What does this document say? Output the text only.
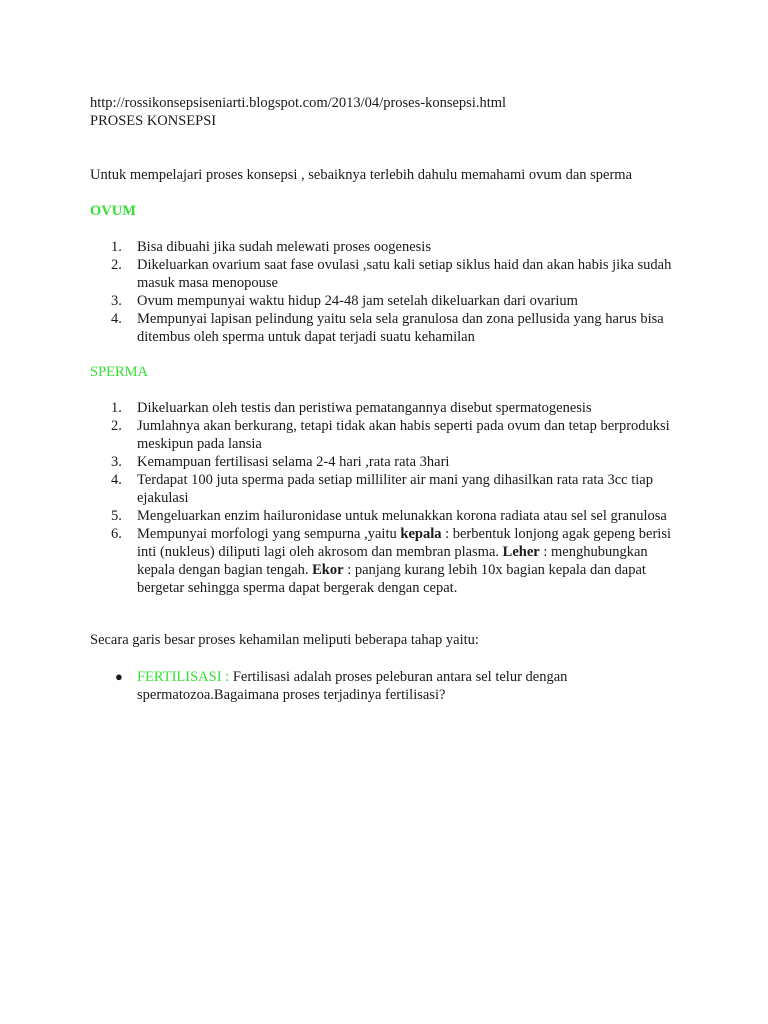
http://rossikonsepsiseniarti.blogspot.com/2013/04/proses-konsepsi.html

PROSES KONSEPSI

Untuk mempelajari proses konsepsi , sebaiknya terlebih dahulu memahami ovum dan sperma

OVUM

1. Bisa dibuahi jika sudah melewati proses oogenesis
2. Dikeluarkan ovarium saat fase ovulasi ,satu kali setiap siklus haid dan akan habis jika sudah masuk masa menopouse
3. Ovum mempunyai waktu hidup 24-48 jam setelah dikeluarkan dari ovarium
4. Mempunyai lapisan pelindung yaitu sela sela granulosa dan zona pellusida yang harus bisa ditembus oleh sperma untuk dapat terjadi suatu kehamilan

SPERMA

1. Dikeluarkan oleh testis dan peristiwa pematangannya disebut spermatogenesis
2. Jumlahnya akan berkurang, tetapi tidak akan habis seperti pada ovum dan tetap berproduksi meskipun pada lansia
3. Kemampuan fertilisasi selama 2-4 hari ,rata rata 3hari
4. Terdapat 100 juta sperma pada setiap milliliter air mani yang dihasilkan rata rata 3cc tiap ejakulasi
5. Mengeluarkan enzim hailuronidase untuk melunakkan korona radiata atau sel sel granulosa
6. Mempunyai morfologi yang sempurna ,yaitu kepala : berbentuk lonjong agak gepeng berisi inti (nukleus) diliputi lagi oleh akrosom dan membran plasma. Leher : menghubungkan kepala dengan bagian tengah. Ekor : panjang kurang lebih 10x bagian kepala dan dapat bergetar sehingga sperma dapat bergerak dengan cepat.

Secara garis besar proses kehamilan meliputi beberapa tahap yaitu:

● FERTILISASI : Fertilisasi adalah proses peleburan antara sel telur dengan spermatozoa.Bagaimana proses terjadinya fertilisasi?
